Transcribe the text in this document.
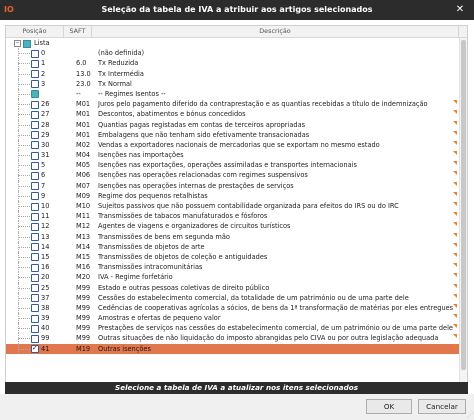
IO	Seleção da tabela de IVA a atribuir aos artigos selecionados	✕
Posição	SAFT	Descrição
− Lista
0	(não definida)
1	6.0 Tx Reduzida
2	13.0 Tx Intermédia
3	23.0 Tx Normal
--	-- Regimes Isentos --
26	M01 Juros pelo pagamento diferido da contraprestação e as quantias recebidas a título de indemnização
27	M01 Descontos, abatimentos e bónus concedidos
28	M01 Quantias pagas registadas em contas de terceiros apropriadas
29	M01 Embalagens que não tenham sido efetivamente transacionadas
30	M02 Vendas a exportadores nacionais de mercadorias que se exportam no mesmo estado
31	M04 Isenções nas importações
5	M05 Isenções nas exportações, operações assimiladas e transportes internacionais
6	M06 Isenções nas operações relacionadas com regimes suspensivos
7	M07 Isenções nas operações internas de prestações de serviços
9	M09 Regime dos pequenos retalhistas
10	M10 Sujeitos passivos que não possuem contabilidade organizada para efeitos do IRS ou do IRC
11	M11 Transmissões de tabacos manufaturados e fósforos
12	M12 Agentes de viagens e organizadores de circuitos turísticos
13	M13 Transmissões de bens em segunda mão
14	M14 Transmissões de objetos de arte
15	M15 Transmissões de objetos de coleção e antiguidades
16	M16 Transmissões intracomunitárias
20	M20 IVA - Regime forfetário
25	M99 Estado e outras pessoas coletivas de direito público
37	M99 Cessões do estabelecimento comercial, da totalidade de um património ou de uma parte dele
38	M99 Cedências de cooperativas agrícolas a sócios, de bens da 1ª transformação de matérias por eles entregues
39	M99 Amostras e ofertas de pequeno valor
40	M99 Prestações de serviços nas cessões do estabelecimento comercial, de um património ou de uma parte dele
99	M99 Outras situações de não liquidação do imposto abrangidas pelo CIVA ou por outra legislação adequada
✓
41	M19 Outras isenções
Selecione a tabela de IVA a atualizar nos itens selecionados
OK	Cancelar
⋰
